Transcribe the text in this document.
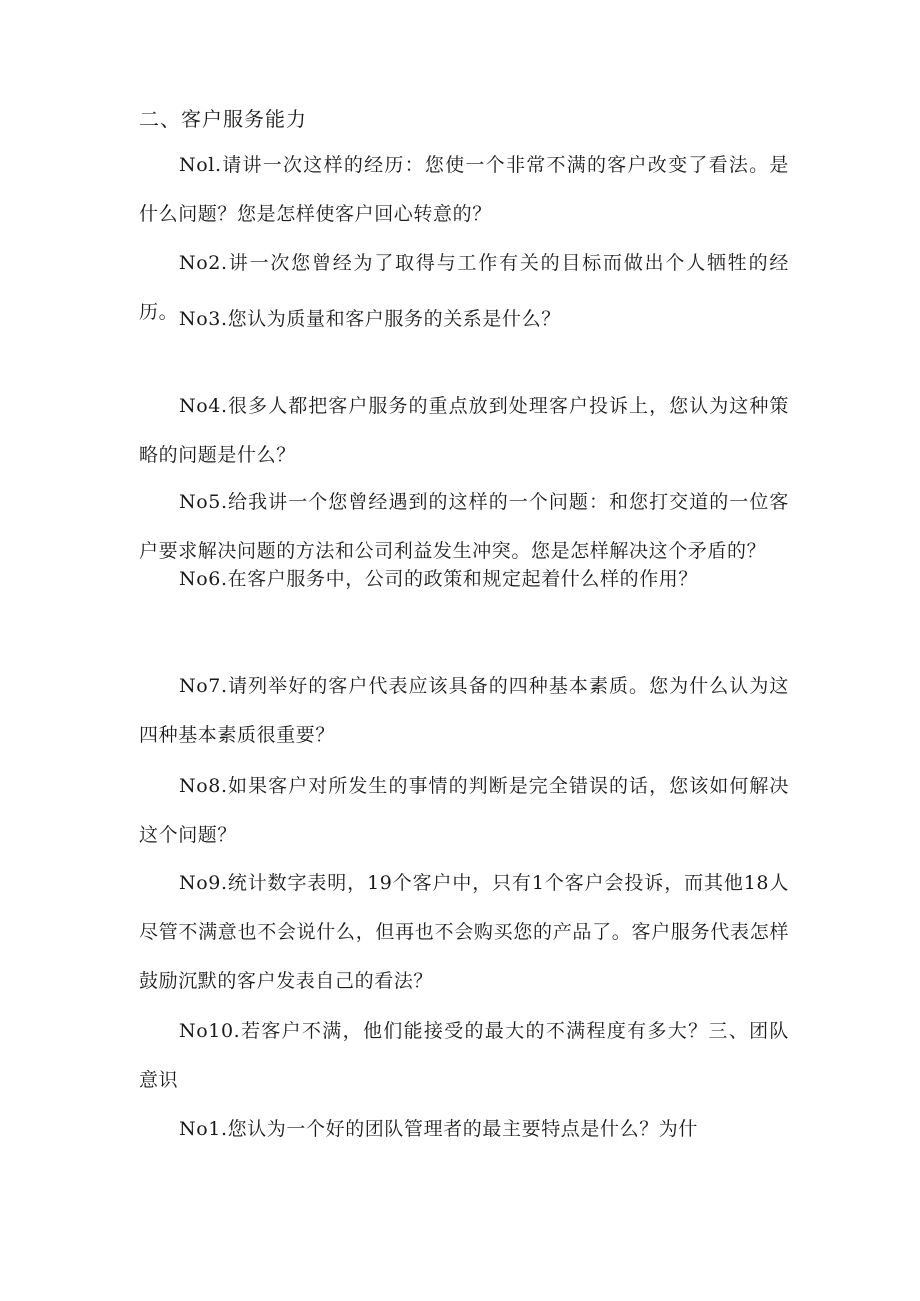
二、客户服务能力
Nol.请讲一次这样的经历：您使一个非常不满的客户改变了看法。是什么问题？您是怎样使客户回心转意的？
No2.讲一次您曾经为了取得与工作有关的目标而做出个人牺牲的经历。 No3.您认为质量和客户服务的关系是什么？
No4.很多人都把客户服务的重点放到处理客户投诉上，您认为这种策略的问题是什么？
No5.给我讲一个您曾经遇到的这样的一个问题：和您打交道的一位客户要求解决问题的方法和公司利益发生冲突。您是怎样解决这个矛盾的？
No6.在客户服务中，公司的政策和规定起着什么样的作用？
No7.请列举好的客户代表应该具备的四种基本素质。您为什么认为这四种基本素质很重要？
No8.如果客户对所发生的事情的判断是完全错误的话，您该如何解决这个问题？
No9.统计数字表明，19个客户中，只有1个客户会投诉，而其他18人尽管不满意也不会说什么，但再也不会购买您的产品了。客户服务代表怎样鼓励沉默的客户发表自己的看法？
No10.若客户不满，他们能接受的最大的不满程度有多大？三、团队意识
No1.您认为一个好的团队管理者的最主要特点是什么？为什
